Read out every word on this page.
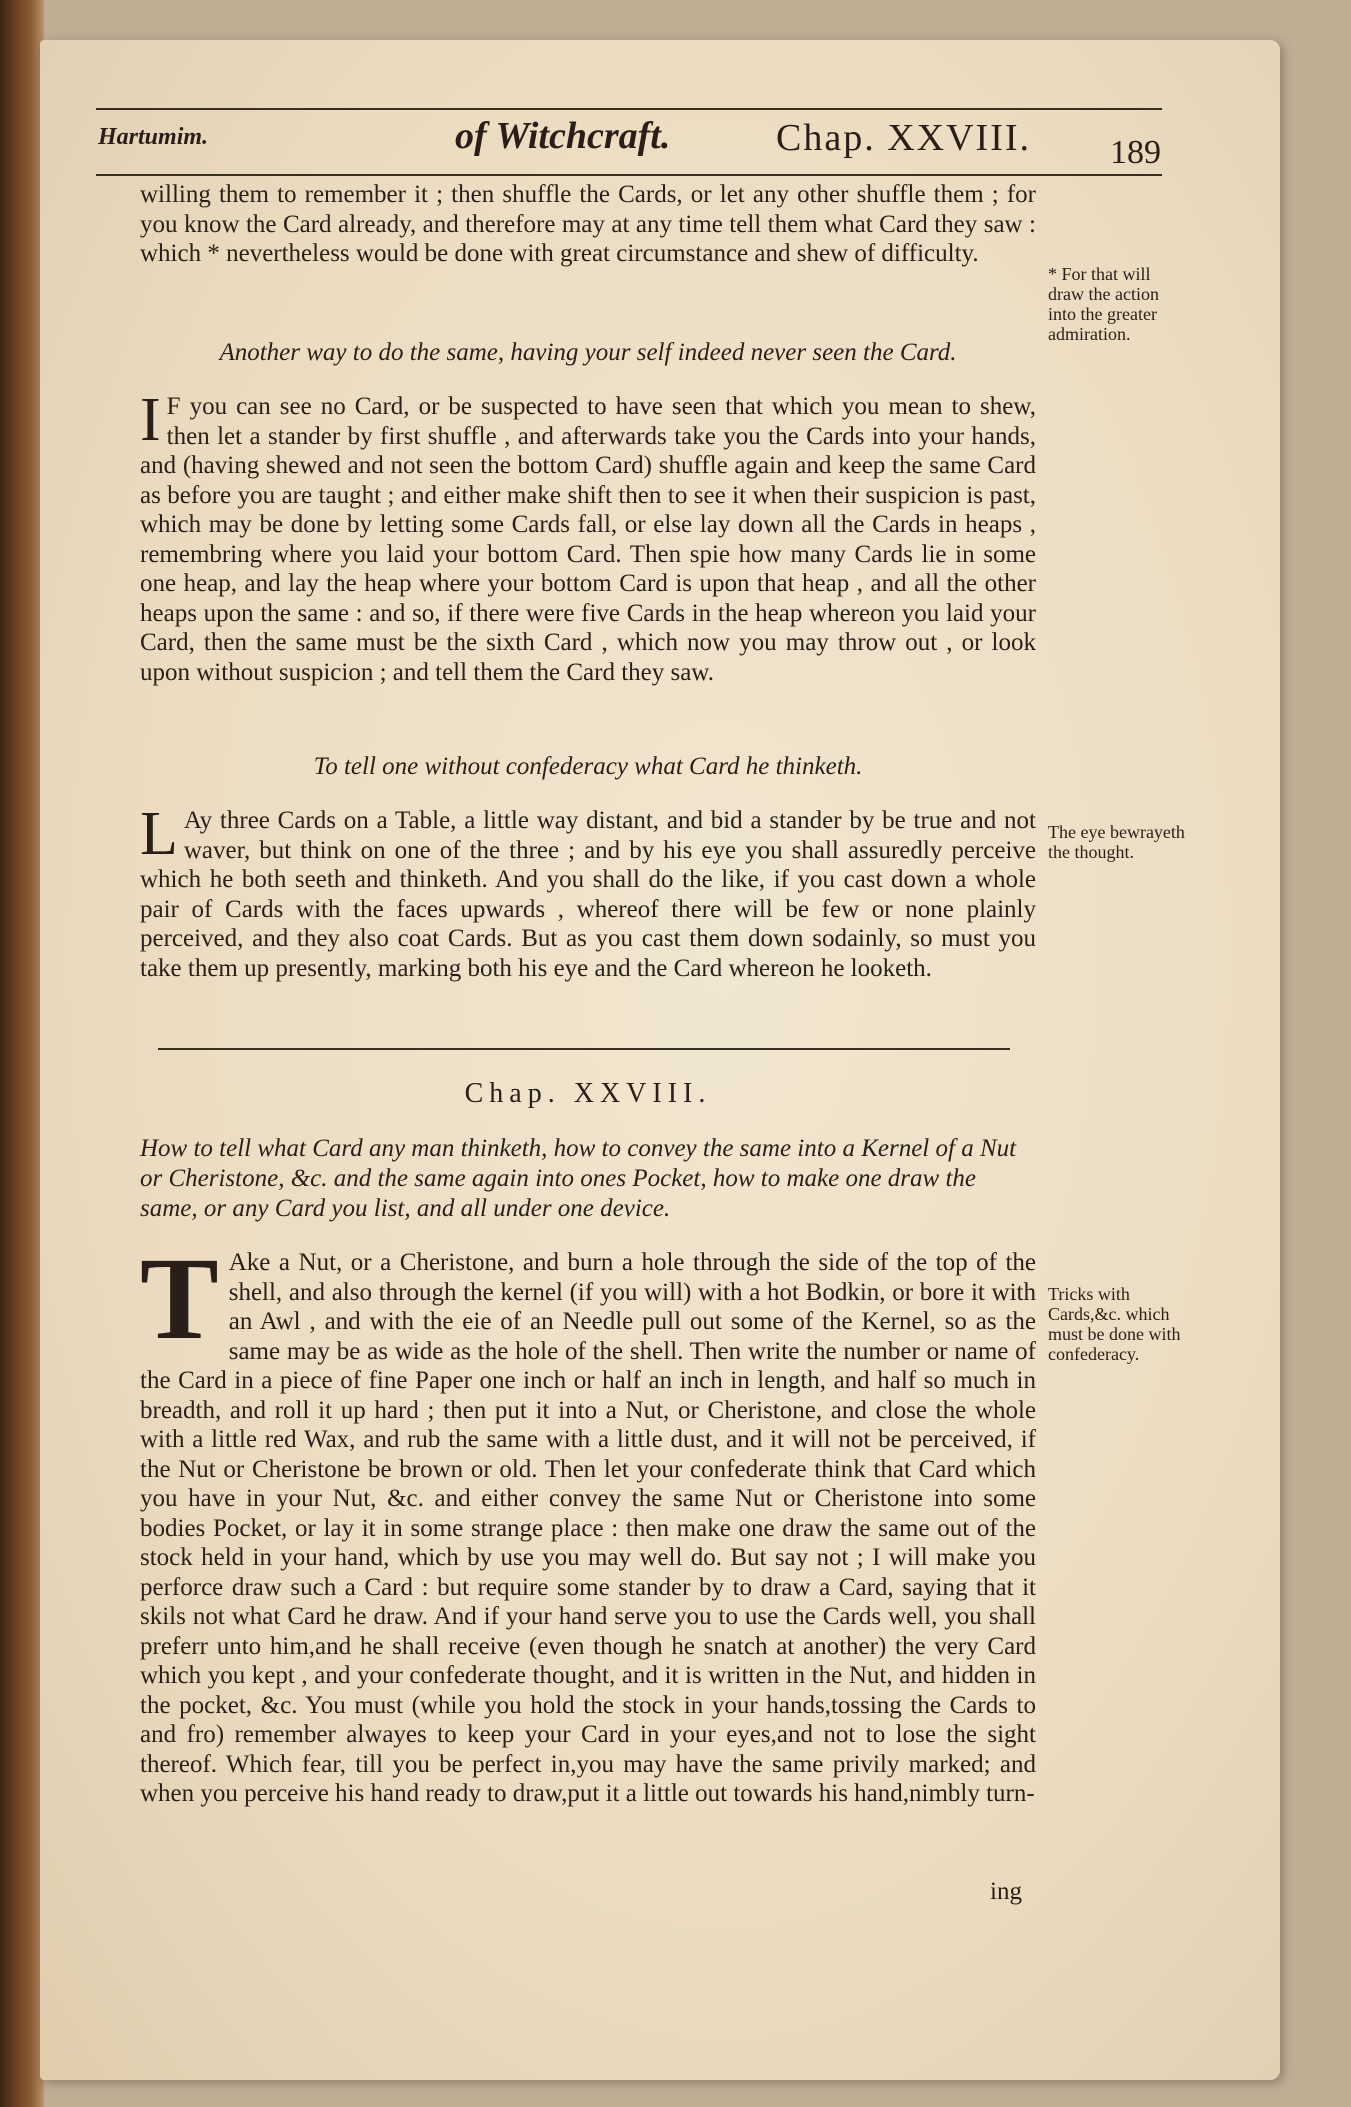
Hartumim.	of Witchcraft.	Chap. XXVIII. 189
willing them to remember it ; then shuffle the Cards, or let any other shuffle them ; for you know the Card already, and therefore may at any time tell them what Card they saw : which * nevertheless would be done with great circumstance and shew of difficulty.
Another way to do the same, having your self indeed never seen the Card.
I F you can see no Card, or be suspected to have seen that which you mean to shew, then let a stander by first shuffle , and afterwards take you the Cards into your hands, and (having shewed and not seen the bottom Card) shuffle again and keep the same Card as before you are taught ; and either make shift then to see it when their suspicion is past, which may be done by letting some Cards fall, or else lay down all the Cards in heaps , remembring where you laid your bottom Card. Then spie how many Cards lie in some one heap, and lay the heap where your bottom Card is upon that heap , and all the other heaps upon the same : and so, if there were five Cards in the heap whereon you laid your Card, then the same must be the sixth Card , which now you may throw out , or look upon without suspicion ; and tell them the Card they saw.
To tell one without confederacy what Card he thinketh.
L Ay three Cards on a Table, a little way distant, and bid a stander by be true and not waver, but think on one of the three ; and by his eye you shall assuredly perceive which he both seeth and thinketh. And you shall do the like, if you cast down a whole pair of Cards with the faces upwards , whereof there will be few or none plainly perceived, and they also coat Cards. But as you cast them down sodainly, so must you take them up presently, marking both his eye and the Card whereon he looketh.
Chap. XXVIII.
How to tell what Card any man thinketh, how to convey the same into a Kernel of a Nut or Cheristone, &c. and the same again into ones Pocket, how to make one draw the same, or any Card you list, and all under one device.
T Ake a Nut, or a Cheristone, and burn a hole through the side of the top of the shell, and also through the kernel (if you will) with a hot Bodkin, or bore it with an Awl , and with the eie of an Needle pull out some of the Kernel, so as the same may be as wide as the hole of the shell. Then write the number or name of the Card in a piece of fine Paper one inch or half an inch in length, and half so much in breadth, and roll it up hard ; then put it into a Nut, or Cheristone, and close the whole with a little red Wax, and rub the same with a little dust, and it will not be perceived, if the Nut or Cheristone be brown or old. Then let your confederate think that Card which you have in your Nut, &c. and either convey the same Nut or Cheristone into some bodies Pocket, or lay it in some strange place : then make one draw the same out of the stock held in your hand, which by use you may well do. But say not ; I will make you perforce draw such a Card : but require some stander by to draw a Card, saying that it skils not what Card he draw. And if your hand serve you to use the Cards well, you shall preferr unto him,and he shall receive (even though he snatch at another) the very Card which you kept , and your confederate thought, and it is written in the Nut, and hidden in the pocket, &c. You must (while you hold the stock in your hands,tossing the Cards to and fro) remember alwayes to keep your Card in your eyes,and not to lose the sight thereof. Which fear, till you be perfect in,you may have the same privily marked; and when you perceive his hand ready to draw,put it a little out towards his hand,nimbly turn-
ing
* For that will draw the action into the greater admiration.
The eye bewrayeth the thought.
Tricks with Cards,&c. which must be done with confederacy.
